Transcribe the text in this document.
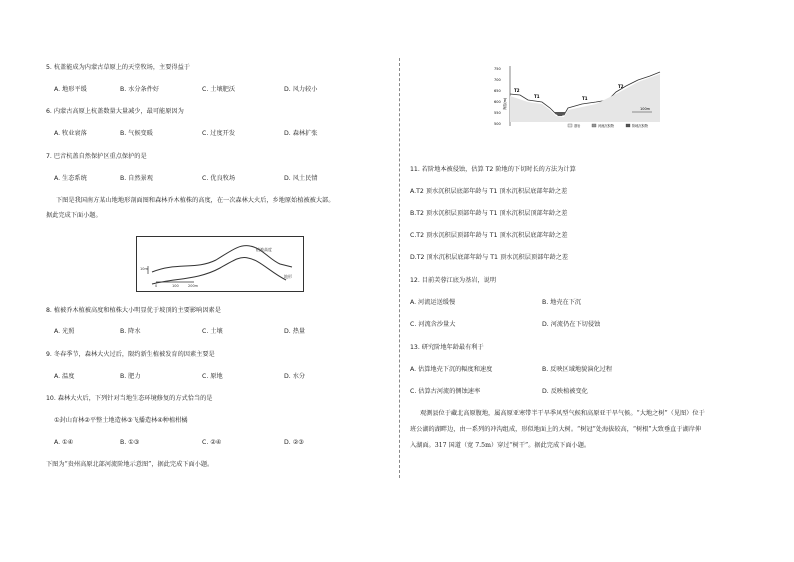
5. 杭盖能成为内蒙古草原上的天堂牧场，主要得益于
A. 地形平缓	B. 水分条件好	C. 土壤肥沃	D. 风力较小
6. 内蒙古高原上杭盖数量大量减少，最可能原因为
A. 牧业衰落	B. 气候变暖	C. 过度开发	D. 森林扩张
7. 巴音杭盖自然保护区重点保护的是
A. 生态系统	B. 自然景观	C. 优良牧场	D. 风土民情
下图是我国南方某山地地形剖面图和森林乔木植株的高度，在一次森林大火后，乡地原始植被被大部。
据此完成下面小题。
植被高度
地形
10m
0	100	200m
8. 植被乔木植被高度和植株大小明显优于坡顶的主要影响因素是
A. 光照	B. 降水	C. 土壤	D. 热量
9. 冬春季节，森林大火过后，限约新生植被发育的因素主要是
A. 温度	B. 肥力	C. 原地	D. 水分
10. 森林大火后，下列针对当地生态环境修复的方式恰当的是
①封山育林②平整土地造林③飞播造林④种植柑橘
A. ①④	B. ①③	C. ②④	D. ②③
下图为“贵州高原北部河流阶地示意图”，据此完成下面小题。
750
700
650
600
550
500
海拔(m)
T2
T1	T1
T2
100m
基岩	河流沉积物	阶地沉积物
11. 若阶地本被侵蚀，估算 T2 阶地的下切时长的方法为计算
A.T2 顶水沉积层底部年龄与 T1 顶水沉积层底部年龄之差
B.T2 顶水沉积层顶部年龄与 T1 顶水沉积层顶部年龄之差
C.T2 顶水沉积层顶部年龄与 T1 顶水沉积层底部年龄之差
D.T2 顶水沉积层底部年龄与 T1 顶水沉积层顶部年龄之差
12. 目前芙蓉江底为基岩，说明
A. 河流运送缓慢	B. 地壳在下沉
C. 河流含沙量大	D. 河流仍在下切侵蚀
13. 研究阶地年龄最有利于
A. 估算地壳下沉的幅度和速度	B. 反映区域地貌演化过程
C. 估算古河流的侧蚀速率	D. 反映植被变化
观测县位于藏北高原腹地，属高原亚寒带半干旱季风型气候和高原亚干旱气候。“大地之树”（见图）位于
班公湖的湖畔边，由一系列的冲沟组成，形似地面上的大树。“树冠”处海拔较高，“树根”大致垂直于湖岸伸
入湖面。317 国道（宽 7.5m）穿过“树干”。据此完成下面小题。
